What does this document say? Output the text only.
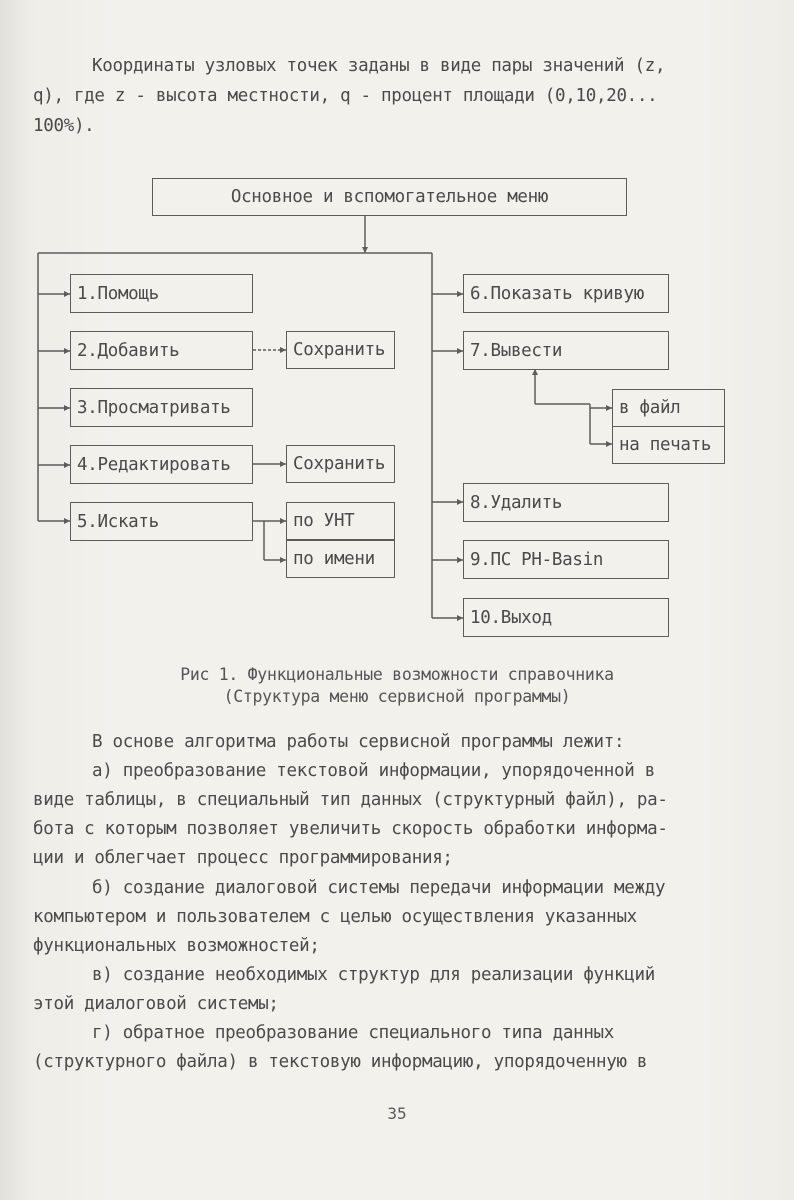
Координаты узловых точек заданы в виде пары значений (z,

q), где z - высота местности, q - процент площади (0,10,20...

100%).

Основное и вспомогательное меню
1.Помощь
2.Добавить
3.Просматривать
4.Редактировать
5.Искать
Сохранить
Сохранить
по УНТ
по имени
6.Показать кривую
7.Вывести
8.Удалить
9.ПС PH-Basin
10.Выход
в файл
на печать

Рис 1. Функциональные возможности справочника

(Структура меню сервисной программы)

В основе алгоритма работы сервисной программы лежит:

а) преобразование текстовой информации, упорядоченной в

виде таблицы, в специальный тип данных (структурный файл), ра-

бота с которым позволяет увеличить скорость обработки информа-

ции и облегчает процесс программирования;

б) создание диалоговой системы передачи информации между

компьютером и пользователем с целью осуществления указанных

функциональных возможностей;

в) создание необходимых структур для реализации функций

этой диалоговой системы;

г) обратное преобразование специального типа данных

(структурного файла) в текстовую информацию, упорядоченную в

35
